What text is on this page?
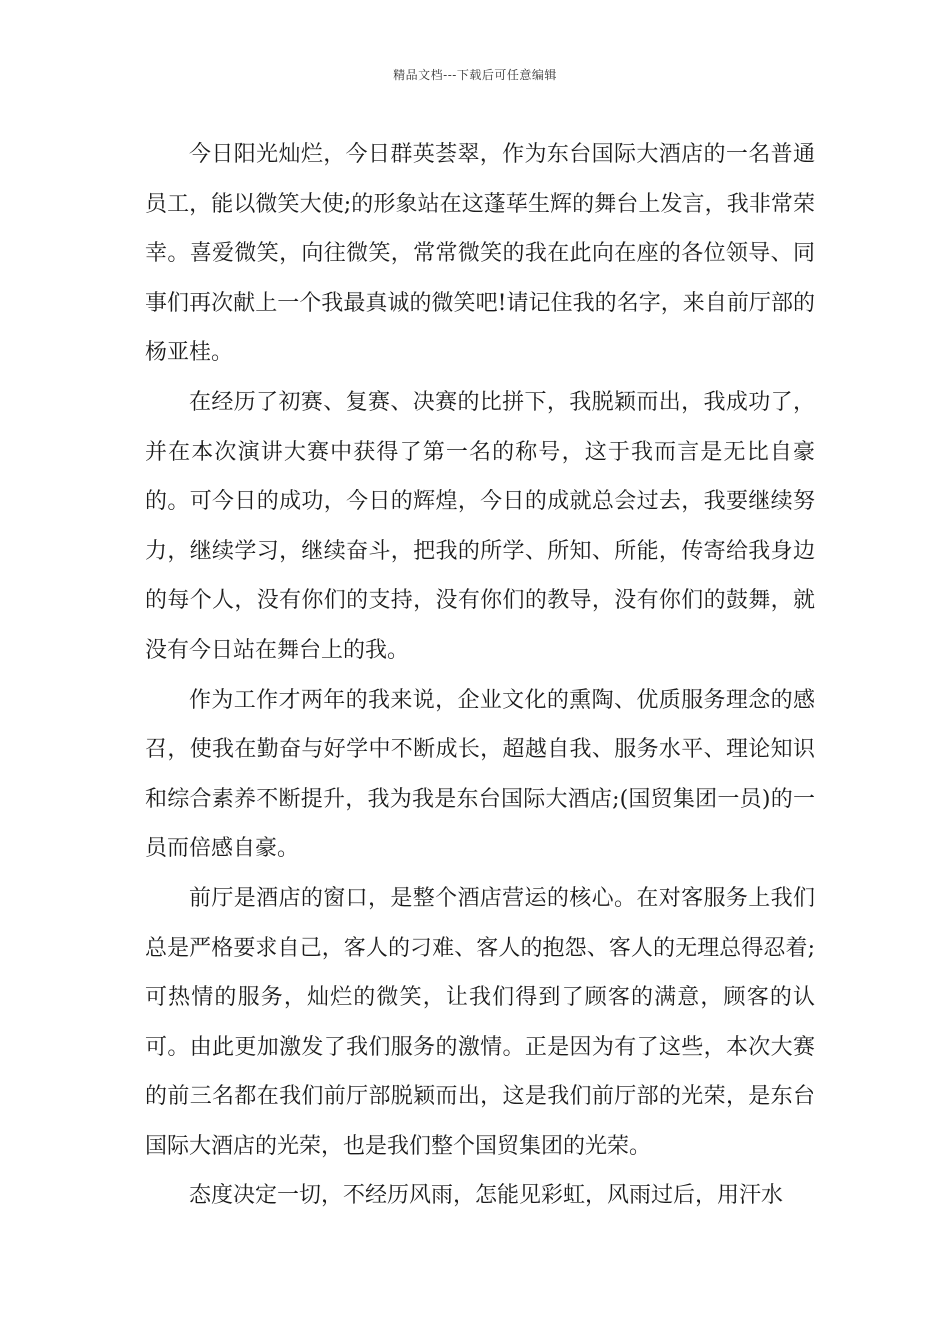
精品文档---下载后可任意编辑

今日阳光灿烂，今日群英荟翠，作为东台国际大酒店的一名普通员工，能以微笑大使;的形象站在这蓬荜生辉的舞台上发言，我非常荣幸。喜爱微笑，向往微笑，常常微笑的我在此向在座的各位领导、同事们再次献上一个我最真诚的微笑吧!请记住我的名字，来自前厅部的杨亚桂。

在经历了初赛、复赛、决赛的比拼下，我脱颖而出，我成功了，并在本次演讲大赛中获得了第一名的称号，这于我而言是无比自豪的。可今日的成功，今日的辉煌，今日的成就总会过去，我要继续努力，继续学习，继续奋斗，把我的所学、所知、所能，传寄给我身边的每个人，没有你们的支持，没有你们的教导，没有你们的鼓舞，就没有今日站在舞台上的我。

作为工作才两年的我来说，企业文化的熏陶、优质服务理念的感召，使我在勤奋与好学中不断成长，超越自我、服务水平、理论知识和综合素养不断提升，我为我是东台国际大酒店;(国贸集团一员)的一员而倍感自豪。

前厅是酒店的窗口，是整个酒店营运的核心。在对客服务上我们总是严格要求自己，客人的刁难、客人的抱怨、客人的无理总得忍着;可热情的服务，灿烂的微笑，让我们得到了顾客的满意，顾客的认可。由此更加激发了我们服务的激情。正是因为有了这些，本次大赛的前三名都在我们前厅部脱颖而出，这是我们前厅部的光荣，是东台国际大酒店的光荣，也是我们整个国贸集团的光荣。

态度决定一切，不经历风雨，怎能见彩虹，风雨过后，用汗水
